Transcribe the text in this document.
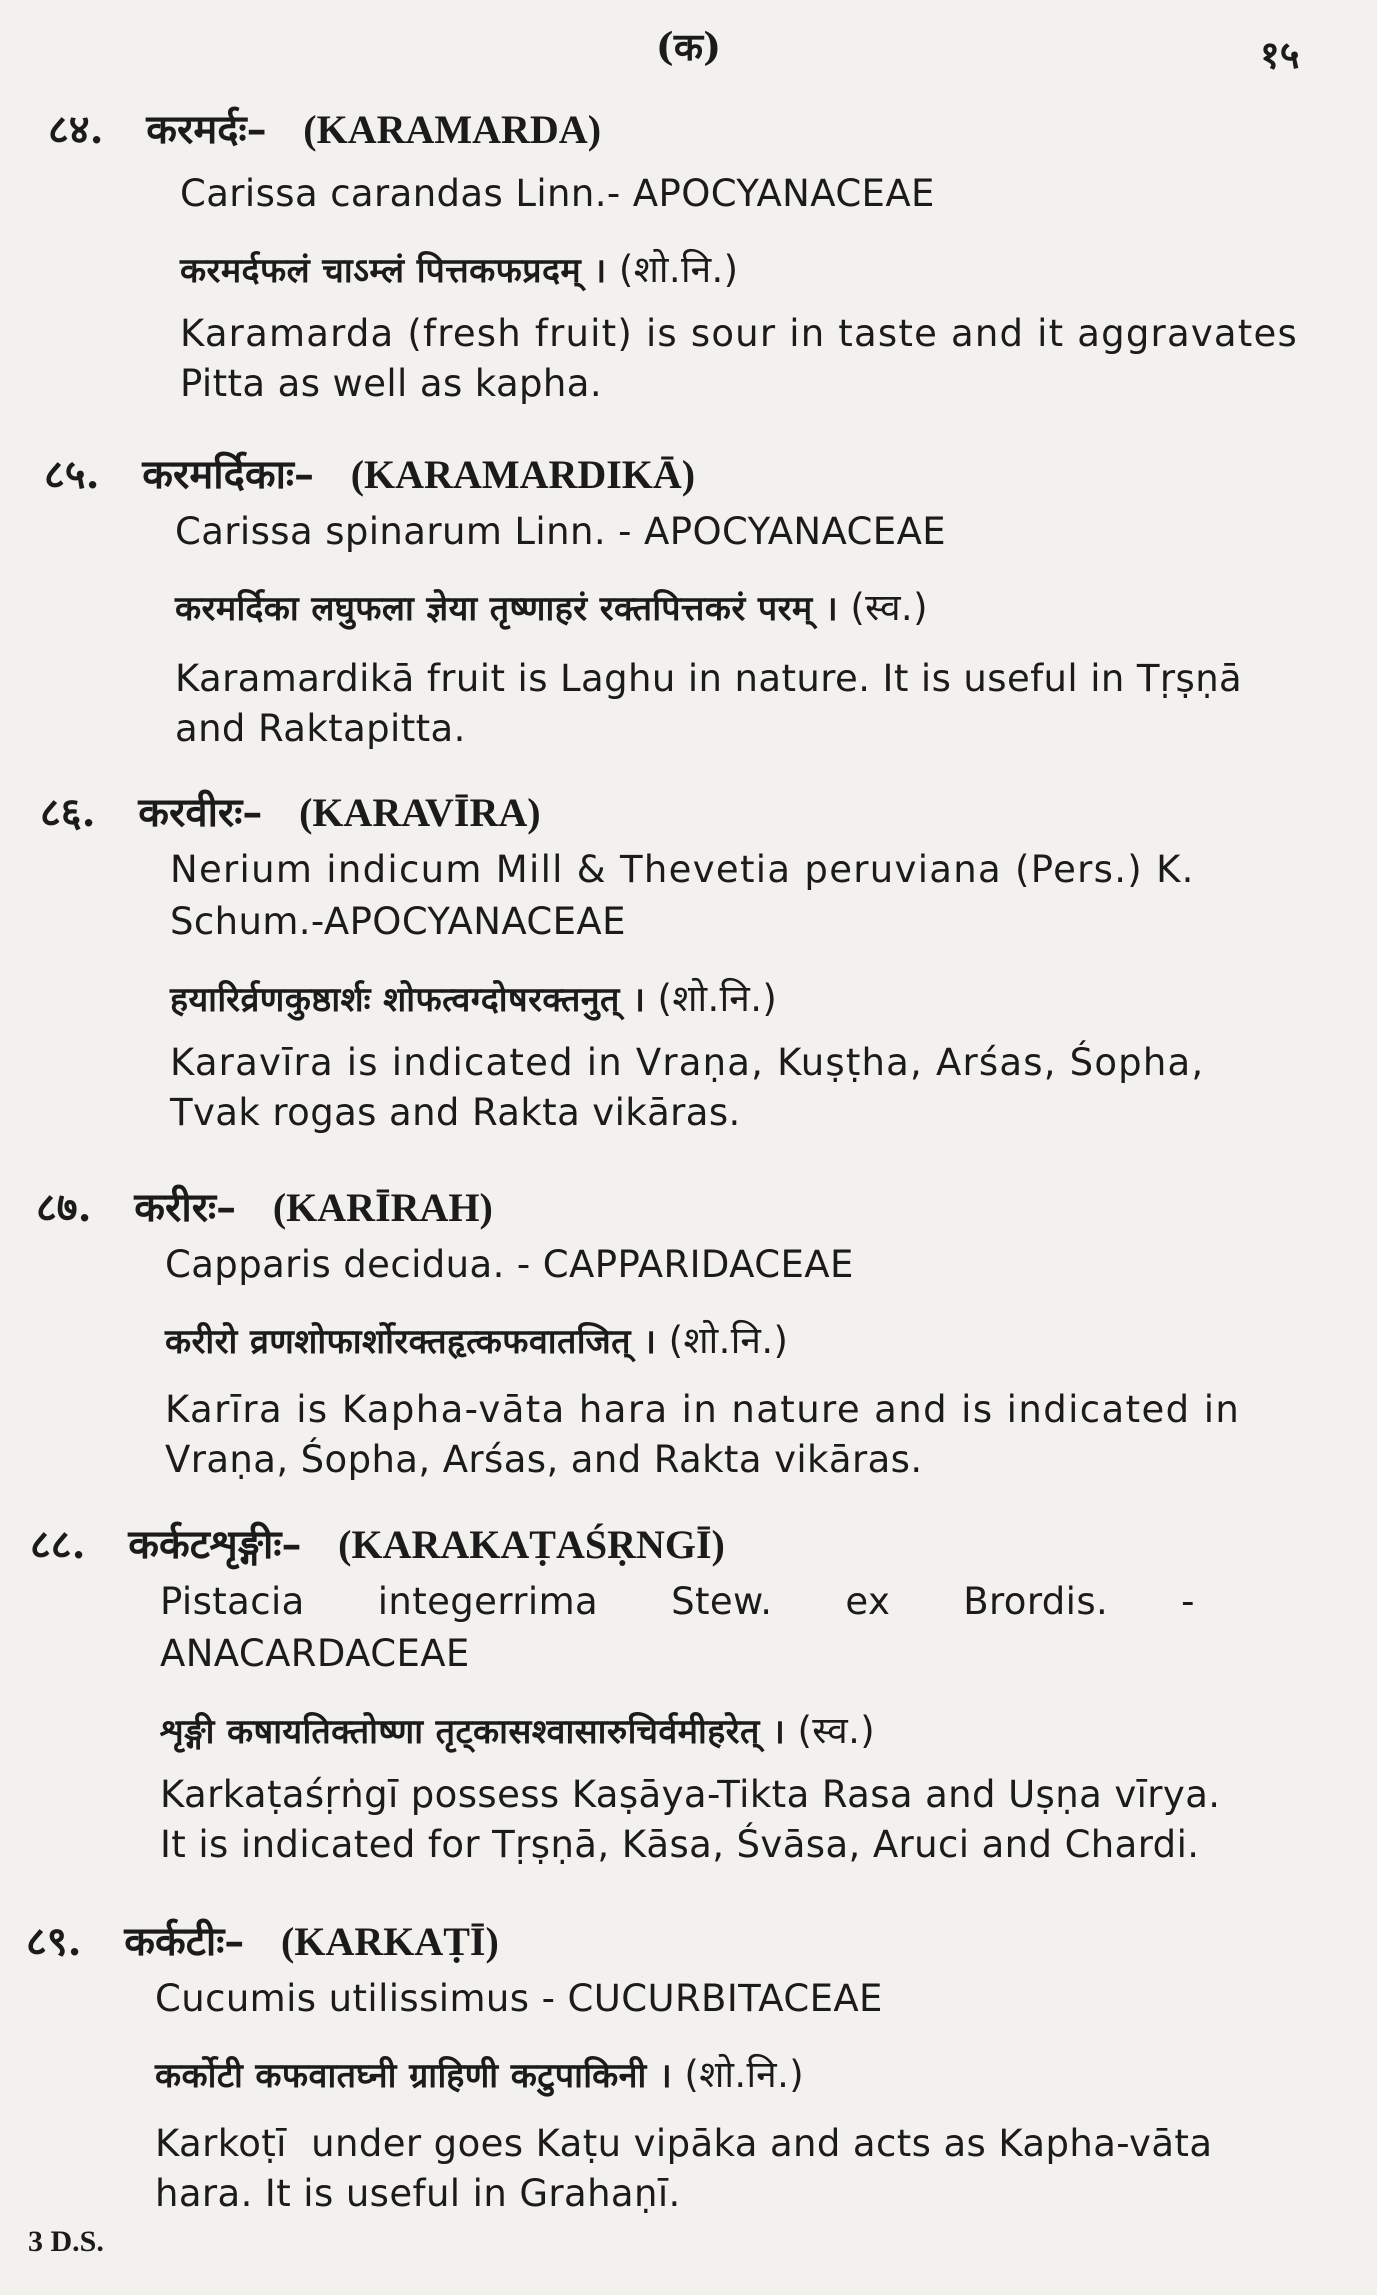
(क)	१५
८४. करमर्दः– (KARAMARDA)
Carissa carandas Linn.- APOCYANACEAE
करमर्दफलं चाऽम्लं पित्तकफप्रदम् । (शो.नि.)
Karamarda (fresh fruit) is sour in taste and it aggravates
Pitta as well as kapha.
८५. करमर्दिकाः– (KARAMARDIKĀ)
Carissa spinarum Linn. - APOCYANACEAE
करमर्दिका लघुफला ज्ञेया तृष्णाहरं रक्तपित्तकरं परम् । (स्व.)
Karamardikā fruit is Laghu in nature. It is useful in Tṛṣṇā
and Raktapitta.
८६. करवीरः– (KARAVĪRA)
Nerium indicum Mill & Thevetia peruviana (Pers.) K.
Schum.-APOCYANACEAE
हयारिर्व्रणकुष्ठार्शः शोफत्वग्दोषरक्तनुत् । (शो.नि.)
Karavīra is indicated in Vraṇa, Kuṣṭha, Arśas, Śopha,
Tvak rogas and Rakta vikāras.
८७. करीरः– (KARĪRAH)
Capparis decidua. - CAPPARIDACEAE
करीरो व्रणशोफार्शोरक्तहृत्कफवातजित् । (शो.नि.)
Karīra is Kapha-vāta hara in nature and is indicated in
Vraṇa, Śopha, Arśas, and Rakta vikāras.
८८. कर्कटशृङ्गीः– (KARAKAṬAŚṚNGĪ)
Pistacia      integerrima      Stew.      ex      Brordis.      -
ANACARDACEAE
शृङ्गी कषायतिक्तोष्णा तृट्कासश्वासारुचिर्वमीहरेत् । (स्व.)
Karkaṭaśṛṅgī possess Kaṣāya-Tikta Rasa and Uṣṇa vīrya.
It is indicated for Tṛṣṇā, Kāsa, Śvāsa, Aruci and Chardi.
८९. कर्कटीः– (KARKAṬĪ)
Cucumis utilissimus - CUCURBITACEAE
कर्कोटी कफवातघ्नी ग्राहिणी कटुपाकिनी । (शो.नि.)
Karkoṭī  under goes Kaṭu vipāka and acts as Kapha-vāta
hara. It is useful in Grahaṇī.
3 D.S.
